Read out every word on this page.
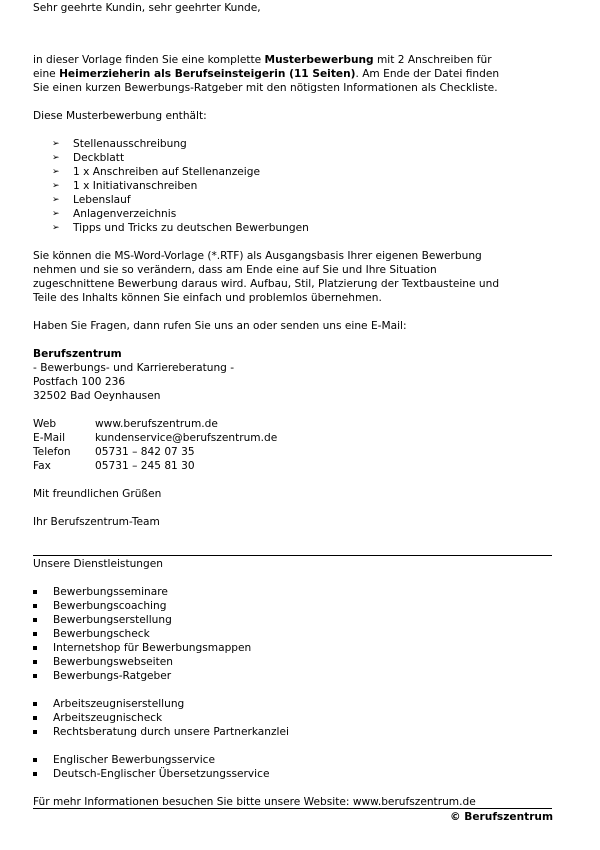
Sehr geehrte Kundin, sehr geehrter Kunde,

in dieser Vorlage finden Sie eine komplette Musterbewerbung mit 2 Anschreiben für

eine Heimerzieherin als Berufseinsteigerin (11 Seiten). Am Ende der Datei finden

Sie einen kurzen Bewerbungs-Ratgeber mit den nötigsten Informationen als Checkliste.

Diese Musterbewerbung enthält:

➢ Stellenausschreibung
➢ Deckblatt
➢ 1 x Anschreiben auf Stellenanzeige
➢ 1 x Initiativanschreiben
➢ Lebenslauf
➢ Anlagenverzeichnis
➢ Tipps und Tricks zu deutschen Bewerbungen

Sie können die MS-Word-Vorlage (*.RTF) als Ausgangsbasis Ihrer eigenen Bewerbung

nehmen und sie so verändern, dass am Ende eine auf Sie und Ihre Situation

zugeschnittene Bewerbung daraus wird. Aufbau, Stil, Platzierung der Textbausteine und

Teile des Inhalts können Sie einfach und problemlos übernehmen.

Haben Sie Fragen, dann rufen Sie uns an oder senden uns eine E-Mail:

Berufszentrum

- Bewerbungs- und Karriereberatung -

Postfach 100 236

32502 Bad Oeynhausen

Web	www.berufszentrum.de
E-Mail	kundenservice@berufszentrum.de
Telefon 05731 – 842 07 35
Fax	05731 – 245 81 30

Mit freundlichen Grüßen

Ihr Berufszentrum-Team

Unsere Dienstleistungen

Bewerbungsseminare
Bewerbungscoaching
Bewerbungserstellung
Bewerbungscheck
Internetshop für Bewerbungsmappen
Bewerbungswebseiten
Bewerbungs-Ratgeber
Arbeitszeugniserstellung
Arbeitszeugnischeck
Rechtsberatung durch unsere Partnerkanzlei
Englischer Bewerbungsservice
Deutsch-Englischer Übersetzungsservice

Für mehr Informationen besuchen Sie bitte unsere Website: www.berufszentrum.de

© Berufszentrum
